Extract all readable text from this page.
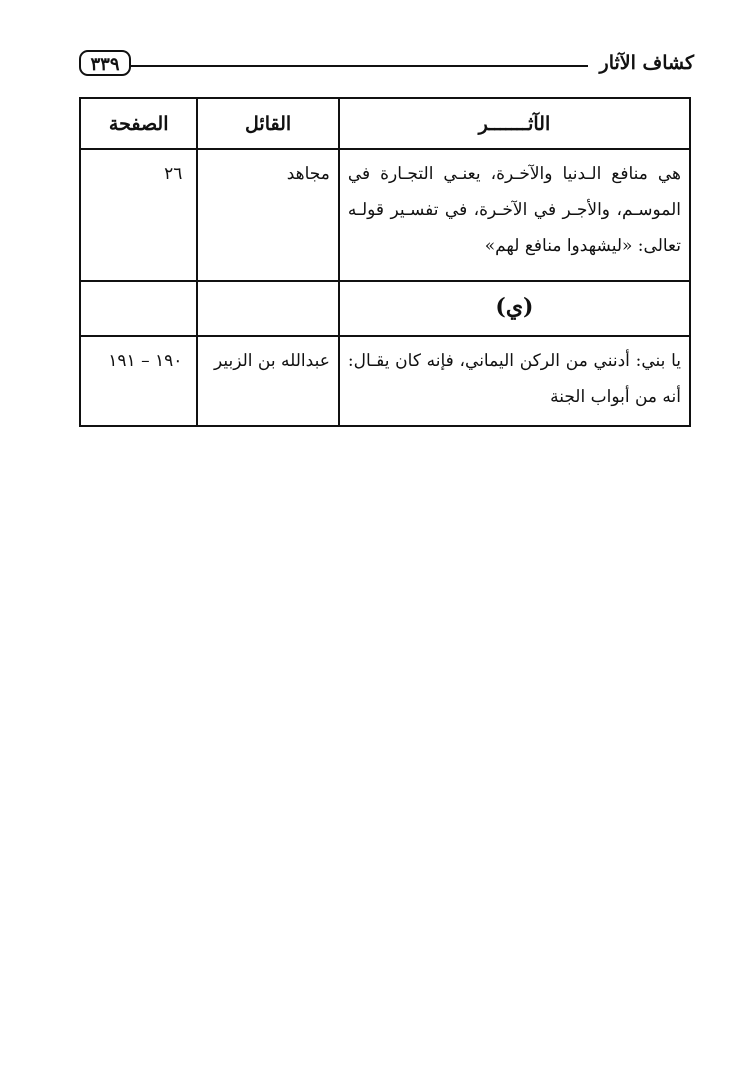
كشاف الآثار
٣٣٩
الآثـــــــر	القائل	الصفحة

هي منافع الـدنيا والآخـرة، يعنـي التجـارة في الموسـم، والأجـر في الآخـرة، في تفسـير قولـه تعالى: «ليشهدوا منافع لهم»	مجاهد	٢٦

(ي)		

يا بني: أدنني من الركن اليماني، فإنه كان يقـال: أنه من أبواب الجنة	عبدالله بن الزبير	١٩٠ – ١٩١
